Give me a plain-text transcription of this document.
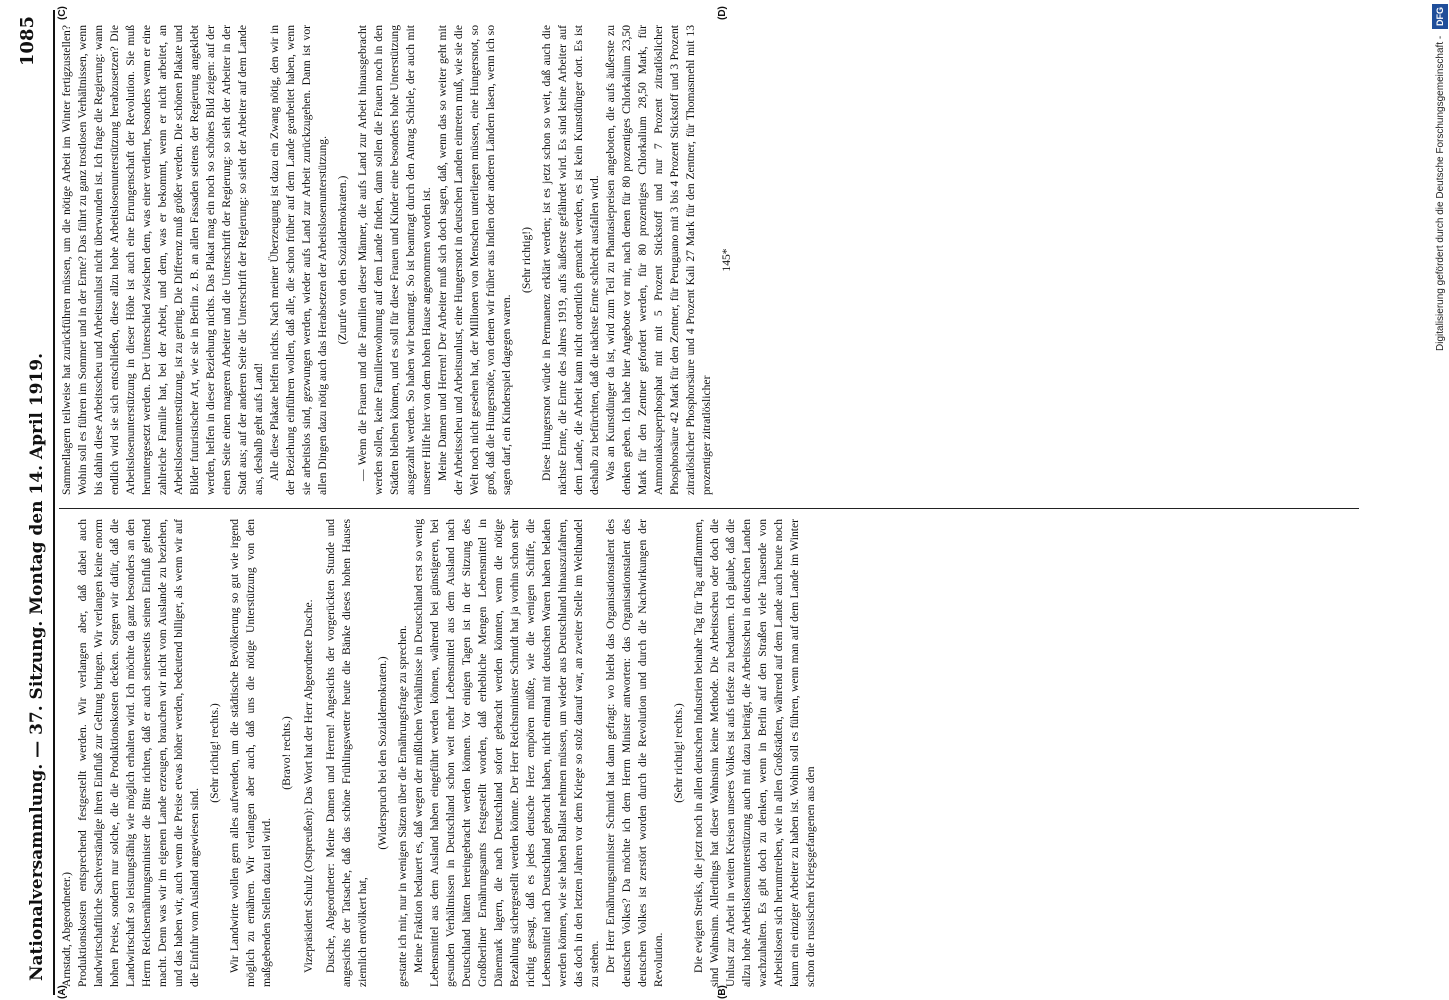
Nationalversammlung. — 37. Sitzung. Montag den 14. April 1919.
1085
(A)	(B)
(C)	(D)

Arnstadt, Abgeordneter.) Produktionskosten entsprechend festgestellt werden. Wir verlangen aber, daß dabei auch landwirtschaftliche Sachverständige ihren Einfluß zur Geltung bringen. Wir verlangen keine enorm hohen Preise, sondern nur solche, die die Produktionskosten decken. Sorgen wir dafür, daß die Landwirtschaft so leistungsfähig wie möglich erhalten wird. Ich möchte da ganz besonders an den Herrn Reichsernährungsminister die Bitte richten, daß er auch seinerseits seinen Einfluß geltend macht. Denn was wir im eigenen Lande erzeugen, brauchen wir nicht vom Auslande zu beziehen, und das haben wir, auch wenn die Preise etwas höher werden, bedeutend billiger, als wenn wir auf die Einfuhr vom Ausland angewiesen sind.

(Sehr richtig! rechts.) Wir Landwirte wollen gern alles aufwenden, um die städtische Bevölkerung so gut wie irgend möglich zu ernähren. Wir verlangen aber auch, daß uns die nötige Unterstützung von den maßgebenden Stellen dazu teil wird.

(Bravo! rechts.) Vizepräsident Schulz (Ostpreußen): Das Wort hat der Herr Abgeordnete Dusche. Dusche, Abgeordneter: Meine Damen und Herren! Angesichts der vorgerückten Stunde und angesichts der Tatsache, daß das schöne Frühlingswetter heute die Bänke dieses hohen Hauses ziemlich entvölkert hat,

(Widerspruch bei den Sozialdemokraten.) gestatte ich mir, nur in wenigen Sätzen über die Ernährungsfrage zu sprechen. Meine Fraktion bedauert es, daß wegen der mißlichen Verhältnisse in Deutschland erst so wenig Lebensmittel aus dem Ausland haben eingeführt werden können, während bei günstigeren, bei gesunden Verhältnissen in Deutschland schon weit mehr Lebensmittel aus dem Ausland nach Deutschland hätten hereingebracht werden können. Vor einigen Tagen ist in der Sitzung des Großberliner Ernährungsamts festgestellt worden, daß erhebliche Mengen Lebensmittel in Dänemark lagern, die nach Deutschland sofort gebracht werden könnten, wenn die nötige Bezahlung sichergestellt werden könnte. Der Herr Reichsminister Schmidt hat ja vorhin schon sehr richtig gesagt, daß es jedes deutsche Herz empören müßte, wie die wenigen Schiffe, die Lebensmittel nach Deutschland gebracht haben, nicht einmal mit deutschen Waren haben beladen werden können, wie sie haben Ballast nehmen müssen, um wieder aus Deutschland hinauszufahren, das doch in den letzten Jahren vor dem Kriege so stolz darauf war, an zweiter Stelle im Welthandel zu stehen. Der Herr Ernährungsminister Schmidt hat dann gefragt: wo bleibt das Organisationstalent des deutschen Volkes? Da möchte ich dem Herrn Minister antworten: das Organisationstalent des deutschen Volkes ist zerstört worden durch die Revolution und durch die Nachwirkungen der Revolution.

(Sehr richtig! rechts.) Die ewigen Streiks, die jetzt noch in allen deutschen Industrien beinahe Tag für Tag aufflammen, sind Wahnsinn. Allerdings hat dieser Wahnsinn keine Methode. Die Arbeitsscheu oder doch die Unlust zur Arbeit in weiten Kreisen unseres Volkes ist aufs tiefste zu bedauern. Ich glaube, daß die allzu hohe Arbeitslosenunterstützung auch mit dazu beiträgt, die Arbeitsscheu in deutschen Landen wachzuhalten. Es gibt doch zu denken, wenn in Berlin auf den Straßen viele Tausende von Arbeitslosen sich herumtreiben, wie in allen Großstädten, während auf dem Lande auch heute noch kaum ein einziger Arbeiter zu haben ist. Wohin soll es führen, wenn man auf dem Lande im Winter schon die russischen Kriegsgefangenen aus den

Sammellagern teilweise hat zurückführen müssen, um die nötige Arbeit im Winter fertigzustellen? Wohin soll es führen im Sommer und in der Ernte? Das führt zu ganz trostlosen Verhältnissen, wenn bis dahin diese Arbeitsscheu und Arbeitsunlust nicht überwunden ist. Ich frage die Regierung: wann endlich wird sie sich entschließen, diese allzu hohe Arbeitslosenunterstützung herabzusetzen? Die Arbeitslosenunterstützung in dieser Höhe ist auch eine Errungenschaft der Revolution. Sie muß heruntergesetzt werden. Der Unterschied zwischen dem, was einer verdient, besonders wenn er eine zahlreiche Familie hat, bei der Arbeit, und dem, was er bekommt, wenn er nicht arbeitet, an Arbeitslosenunterstützung, ist zu gering. Die Differenz muß größer werden. Die schönen Plakate und Bilder futuristischer Art, wie sie in Berlin z. B. an allen Fassaden seitens der Regierung angeklebt werden, helfen in dieser Beziehung nichts. Das Plakat mag ein noch so schönes Bild zeigen: auf der einen Seite einen mageren Arbeiter und die Unterschrift der Regierung: so sieht der Arbeiter in der Stadt aus; auf der anderen Seite die Unterschrift der Regierung: so sieht der Arbeiter auf dem Lande aus, deshalb geht aufs Land! Alle diese Plakate helfen nichts. Nach meiner Überzeugung ist dazu ein Zwang nötig, den wir in der Beziehung einführen wollen, daß alle, die schon früher auf dem Lande gearbeitet haben, wenn sie arbeitslos sind, gezwungen werden, wieder aufs Land zur Arbeit zurückzugehen. Dann ist vor allen Dingen dazu nötig auch das Herabsetzen der Arbeitslosenunterstützung. (Zurufe von den Sozialdemokraten.) — Wenn die Frauen und die Familien dieser Männer, die aufs Land zur Arbeit hinausgebracht werden sollen, keine Familienwohnung auf dem Lande finden, dann sollen die Frauen noch in den Städten bleiben können, und es soll für diese Frauen und Kinder eine besonders hohe Unterstützung ausgezahlt werden. So haben wir beantragt. So ist beantragt durch den Antrag Schiele, der auch mit unserer Hilfe hier von dem hohen Hause angenommen worden ist. Meine Damen und Herren! Der Arbeiter muß sich doch sagen, daß, wenn das so weiter geht mit der Arbeitsscheu und Arbeitsunlust, eine Hungersnot in deutschen Landen eintreten muß, wie sie die Welt noch nicht gesehen hat, der Millionen von Menschen unterliegen müssen, eine Hungersnot, so groß, daß die Hungersnöte, von denen wir früher aus Indien oder anderen Ländern lasen, wenn ich so sagen darf, ein Kinderspiel dagegen waren.

(Sehr richtig!) Diese Hungersnot würde in Permanenz erklärt werden; ist es jetzt schon so weit, daß auch die nächste Ernte, die Ernte des Jahres 1919, aufs äußerste gefährdet wird. Es sind keine Arbeiter auf dem Lande, die Arbeit kann nicht ordentlich gemacht werden, es ist kein Kunstdünger dort. Es ist deshalb zu befürchten, daß die nächste Ernte schlecht ausfallen wird. Was an Kunstdünger da ist, wird zum Teil zu Phantasiepreisen angeboten, die aufs äußerste zu denken geben. Ich habe hier Angebote vor mir, nach denen für 80 prozentiges Chlorkalium 23,50 Mark für den Zentner gefordert werden, für 80 prozentiges Chlorkalium 28,50 Mark, für Ammoniaksuperphosphat mit mit 5 Prozent Stickstoff und nur 7 Prozent zitratlöslicher Phosphorsäure 42 Mark für den Zentner, für Peruguano mit 3 bis 4 Prozent Stickstoff und 3 Prozent zitratlöslicher Phosphorsäure und 4 Prozent Kali 27 Mark für den Zentner, für Thomasmehl mit 13 prozentiger zitratlöslicher

145*	Digitalisierung gefördert durch die Deutsche Forschungsgemeinschaft - DFG
